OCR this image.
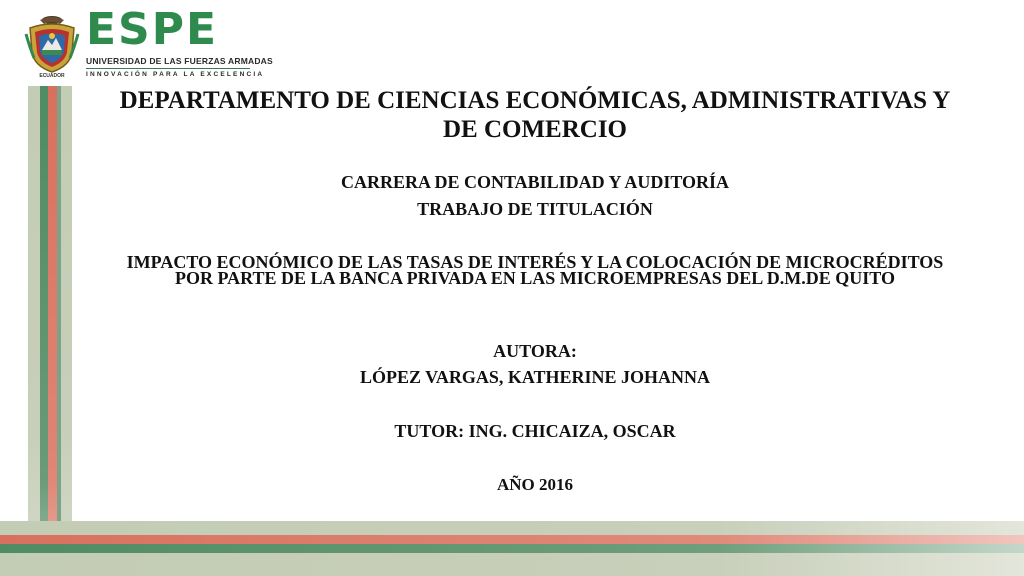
ECUADOR
ESPE
UNIVERSIDAD DE LAS FUERZAS ARMADAS
INNOVACIÓN PARA LA EXCELENCIA
DEPARTAMENTO DE CIENCIAS ECONÓMICAS, ADMINISTRATIVAS Y DE COMERCIO

CARRERA DE CONTABILIDAD Y AUDITORÍA

TRABAJO DE TITULACIÓN

IMPACTO ECONÓMICO DE LAS TASAS DE INTERÉS Y LA COLOCACIÓN DE MICROCRÉDITOS POR PARTE DE LA BANCA PRIVADA EN LAS MICROEMPRESAS DEL D.M.DE QUITO

AUTORA:

LÓPEZ VARGAS, KATHERINE JOHANNA

TUTOR: ING. CHICAIZA, OSCAR

AÑO 2016
